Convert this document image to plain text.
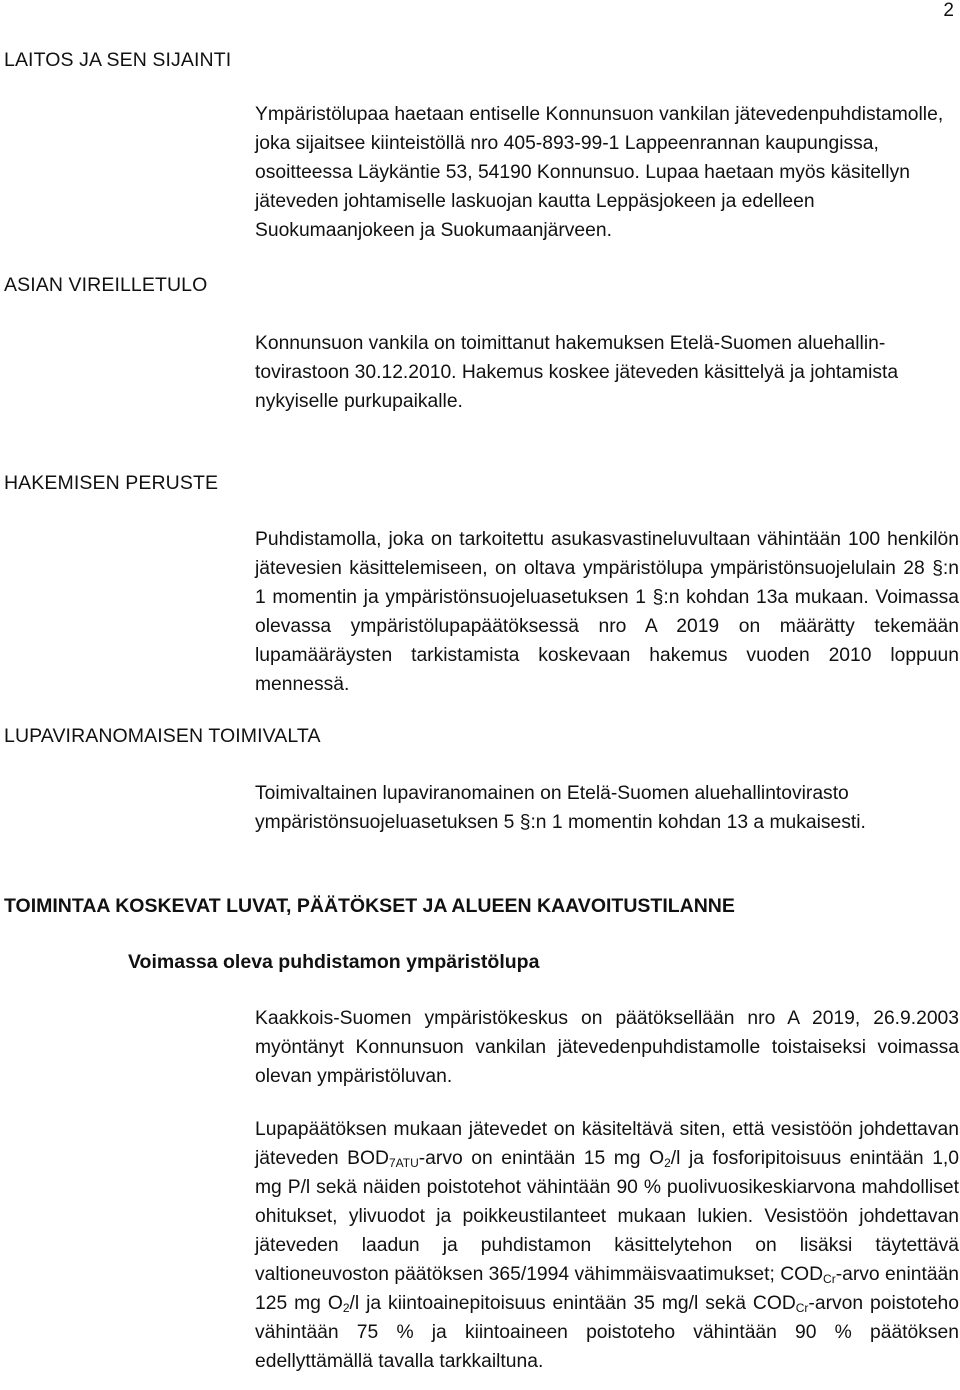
2
LAITOS JA SEN SIJAINTI

Ympäristölupaa haetaan entiselle Konnunsuon vankilan jätevedenpuhdistamolle, joka sijaitsee kiinteistöllä nro 405-893-99-1 Lappeenrannan kaupungissa, osoitteessa Läykäntie 53, 54190 Konnunsuo. Lupaa haetaan myös käsitellyn jäteveden johtamiselle laskuojan kautta Leppäsjokeen ja edelleen Suokumaanjokeen ja Suokumaanjärveen.

ASIAN VIREILLETULO

Konnunsuon vankila on toimittanut hakemuksen Etelä-Suomen aluehallintovirastoon 30.12.2010. Hakemus koskee jäteveden käsittelyä ja johtamista nykyiselle purkupaikalle.

HAKEMISEN PERUSTE

Puhdistamolla, joka on tarkoitettu asukasvastineluvultaan vähintään 100 henkilön jätevesien käsittelemiseen, on oltava ympäristölupa ympäristönsuojelulain 28 §:n 1 momentin ja ympäristönsuojeluasetuksen 1 §:n kohdan 13a mukaan. Voimassa olevassa ympäristölupapäätöksessä nro A 2019 on määrätty tekemään lupamääräysten tarkistamista koskevaan hakemus vuoden 2010 loppuun mennessä.

LUPAVIRANOMAISEN TOIMIVALTA

Toimivaltainen lupaviranomainen on Etelä-Suomen aluehallintovirasto ympäristönsuojeluasetuksen 5 §:n 1 momentin kohdan 13 a mukaisesti.

TOIMINTAA KOSKEVAT LUVAT, PÄÄTÖKSET JA ALUEEN KAAVOITUSTILANNE
Voimassa oleva puhdistamon ympäristölupa

Kaakkois-Suomen ympäristökeskus on päätöksellään nro A 2019, 26.9.2003 myöntänyt Konnunsuon vankilan jätevedenpuhdistamolle toistaiseksi voimassa olevan ympäristöluvan.

Lupapäätöksen mukaan jätevedet on käsiteltävä siten, että vesistöön johdettavan jäteveden $BOD_{7ATU}$-arvo on enintään 15 mg $O_2/l$ ja fosforipitoisuus enintään 1,0 mg P/l sekä näiden poistotehot vähintään 90 % puolivuosikeskiarvona mahdolliset ohitukset, ylivuodot ja poikkeustilanteet mukaan lukien. Vesistöön johdettavan jäteveden laadun ja puhdistamon käsittelytehon on lisäksi täytettävä valtioneuvoston päätöksen 365/1994 vähimmäisvaatimukset; $COD_{Cr}$-arvo enintään 125 mg $O_2/l$ ja kiintoainepitoisuus enintään 35 mg/l sekä $COD_{Cr}$-arvon poistoteho vähintään 75 % ja kiintoaineen poistoteho vähintään 90 % päätöksen edellyttämällä tavalla tarkkailtuna.
